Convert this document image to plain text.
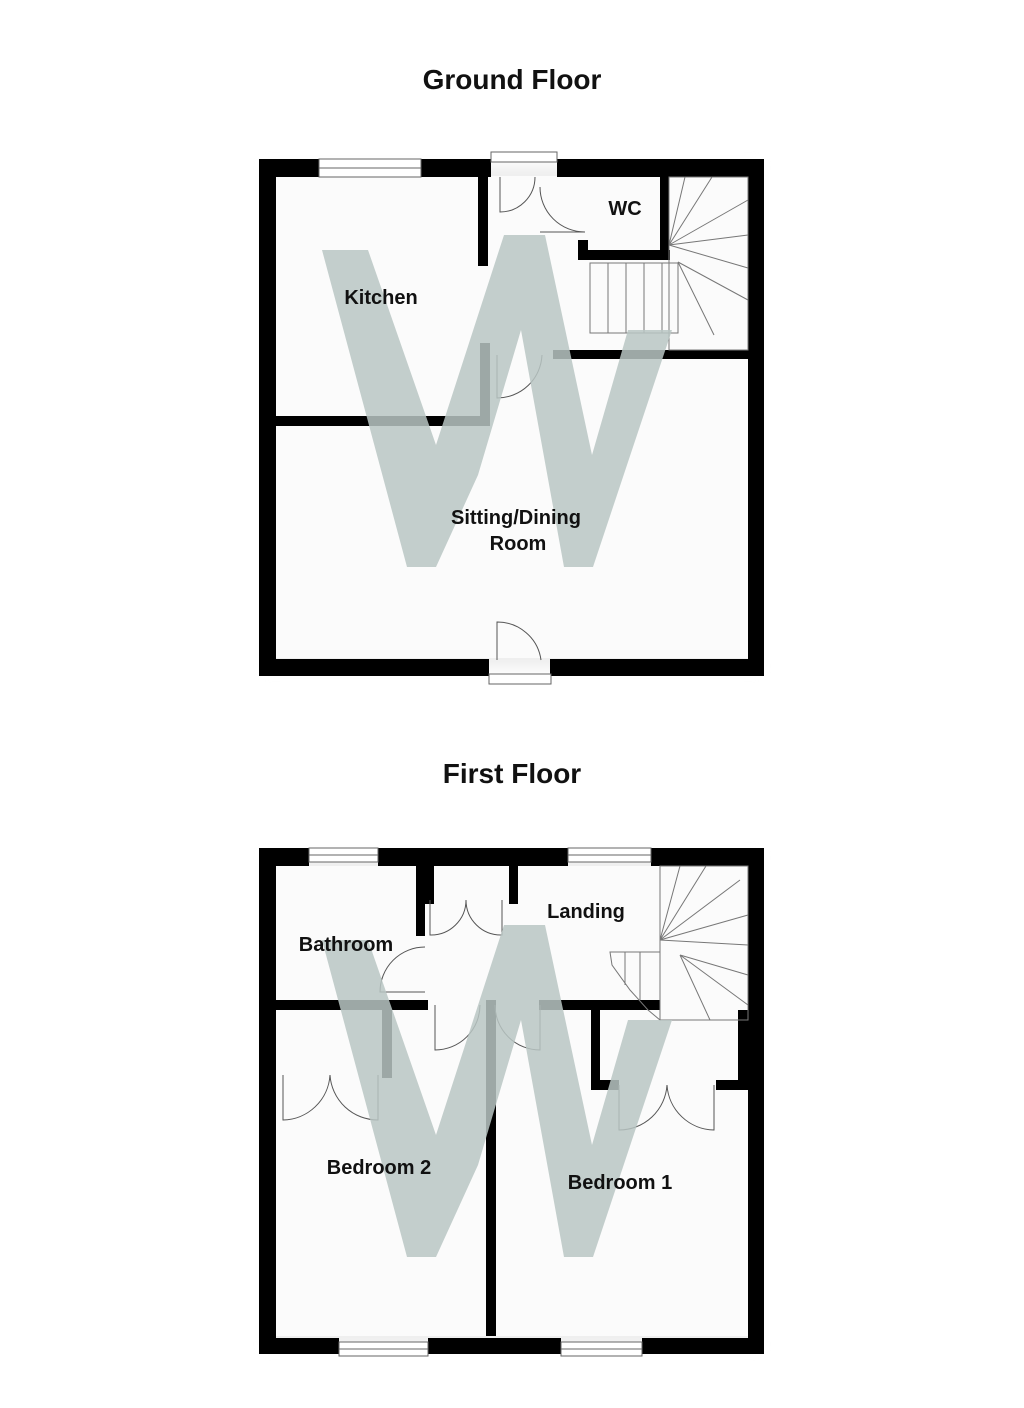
Ground Floor
First Floor
Kitchen
WC
Sitting/Dining
Room
Landing
Bathroom
Bedroom 2
Bedroom 1
